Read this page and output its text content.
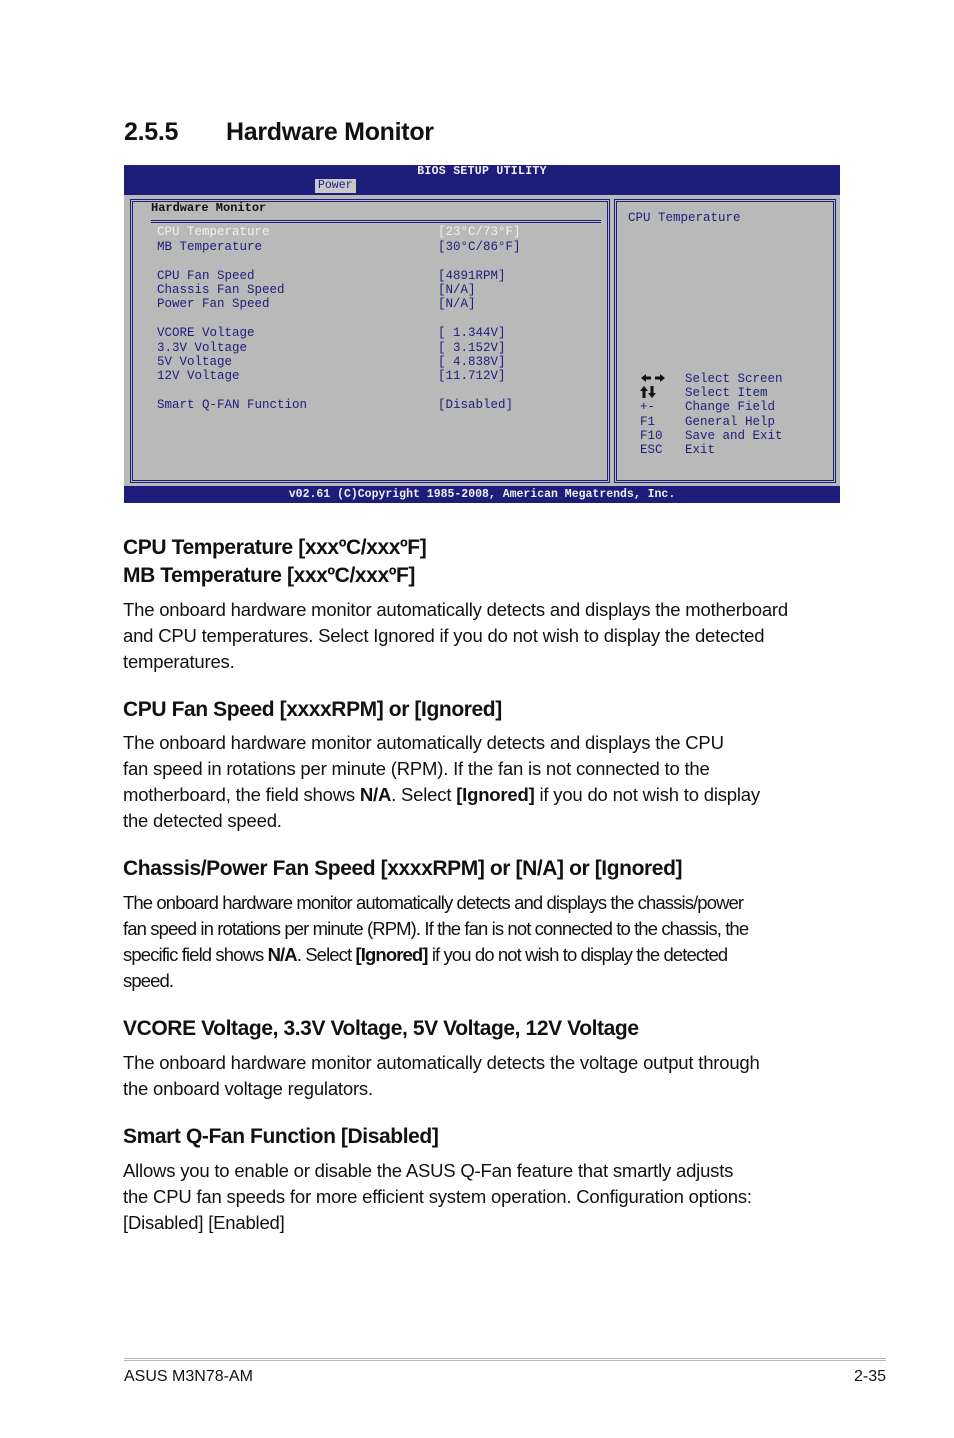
2.5.5 Hardware Monitor
BIOS SETUP UTILITY
Power
Hardware Monitor
CPU Temperature	[23°C/73°F]
MB Temperature	[30°C/86°F]
CPU Fan Speed	[4891RPM]
Chassis Fan Speed	[N/A]
Power Fan Speed	[N/A]
VCORE Voltage	[ 1.344V]
3.3V Voltage	[ 3.152V]
5V Voltage	[ 4.838V]
12V Voltage	[11.712V]
Smart Q-FAN Function	[Disabled]
CPU Temperature
Select Screen
Select Item
+- Change Field
F1 General Help
F10 Save and Exit
ESC Exit
v02.61 (C)Copyright 1985-2008, American Megatrends, Inc.
CPU Temperature [xxxºC/xxxºF]
MB Temperature [xxxºC/xxxºF]
The onboard hardware monitor automatically detects and displays the motherboard
and CPU temperatures. Select Ignored if you do not wish to display the detected
temperatures.
CPU Fan Speed [xxxxRPM] or [Ignored]
The onboard hardware monitor automatically detects and displays the CPU
fan speed in rotations per minute (RPM). If the fan is not connected to the
motherboard, the field shows N/A. Select [Ignored] if you do not wish to display
the detected speed.
Chassis/Power Fan Speed [xxxxRPM] or [N/A] or [Ignored]
The onboard hardware monitor automatically detects and displays the chassis/power
fan speed in rotations per minute (RPM). If the fan is not connected to the chassis, the
specific field shows N/A. Select [Ignored] if you do not wish to display the detected
speed.
VCORE Voltage, 3.3V Voltage, 5V Voltage, 12V Voltage
The onboard hardware monitor automatically detects the voltage output through
the onboard voltage regulators.
Smart Q-Fan Function [Disabled]
Allows you to enable or disable the ASUS Q-Fan feature that smartly adjusts
the CPU fan speeds for more efficient system operation. Configuration options:
[Disabled] [Enabled]
ASUS M3N78-AM	2-35
